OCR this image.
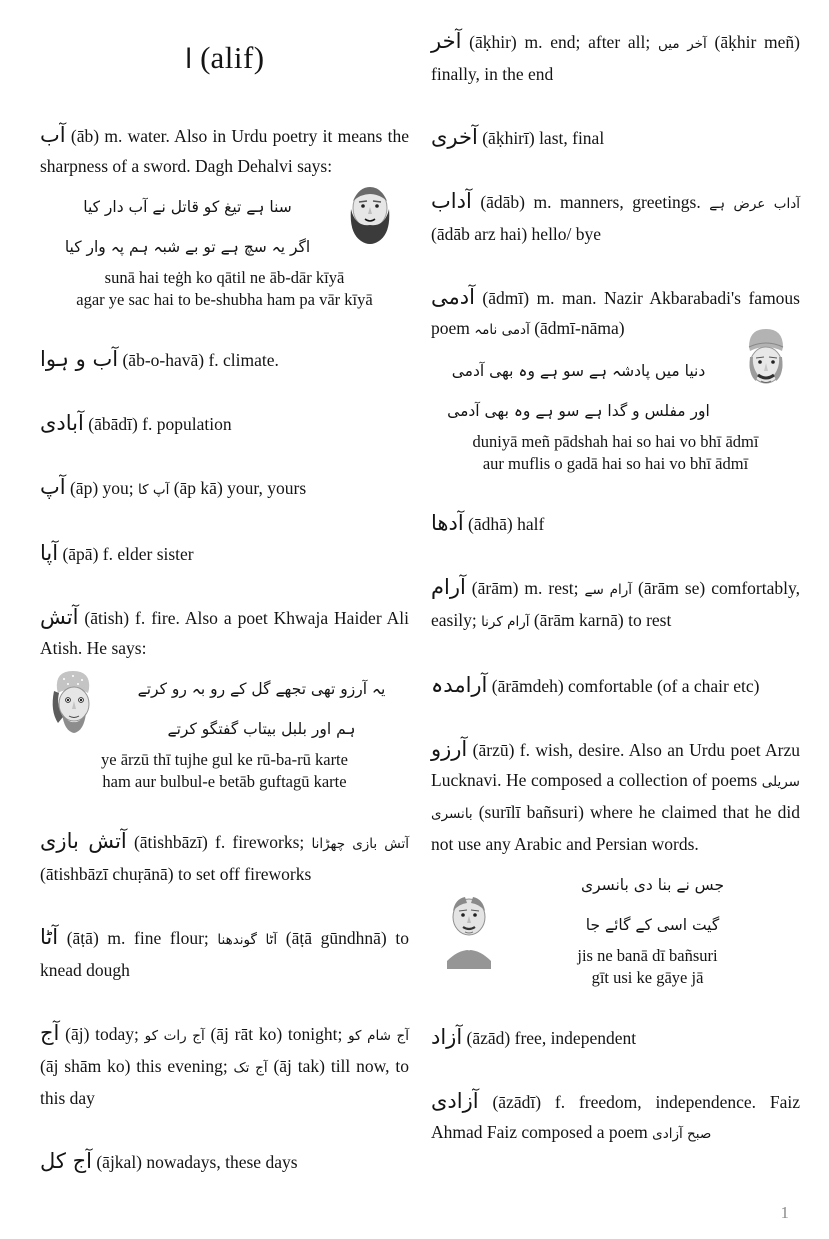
ا (alif)

آب (āb) m. water. Also in Urdu poetry it means the sharpness of a sword. Dagh Dehalvi says:

سنا ہے تیغ کو قاتل نے آب دار کیا
اگر یہ سچ ہے تو بے شبہ ہم پہ وار کیا
sunā hai teġh ko qātil ne āb-dār kīyā
agar ye sac hai to be-shubha ham pa vār kīyā

آب و ہوا (āb-o-havā) f. climate.

آبادی (ābādī) f. population

آپ (āp) you; آپ کا (āp kā) your, yours

آپا (āpā) f. elder sister

آتش (ātish) f. fire. Also a poet Khwaja Haider Ali Atish. He says:

یہ آرزو تھی تجھے گل کے رو بہ رو کرتے
ہم اور بلبل بیتاب گفتگو کرتے
ye ārzū thī tujhe gul ke rū-ba-rū karte
ham aur bulbul-e betāb guftagū karte

آتش بازی (ātishbāzī) f. fireworks; آتش بازی چھڑانا (ātishbāzī chuṛānā) to set off fireworks

آٹا (āṭā) m. fine flour; آٹا گوندھنا (āṭā gūndhnā) to knead dough

آج (āj) today; آج رات کو (āj rāt ko) tonight; آج شام کو (āj shām ko) this evening; آج تک (āj tak) till now, to this day

آج کل (ājkal) nowadays, these days

آخر (āḳhir) m. end; after all; آخر میں (āḳhir meñ) finally, in the end

آخری (āḳhirī) last, final

آداب (ādāb) m. manners, greetings. آداب عرض ہے (ādāb arz hai) hello/ bye

آدمی (ādmī) m. man. Nazir Akbarabadi's famous poem آدمی نامہ (ādmī-nāma)

دنیا میں پادشہ ہے سو ہے وہ بھی آدمی
اور مفلس و گدا ہے سو ہے وہ بھی آدمی
duniyā meñ pādshah hai so hai vo bhī ādmī
aur muflis o gadā hai so hai vo bhī ādmī

آدھا (ādhā) half

آرام (ārām) m. rest; آرام سے (ārām se) comfortably, easily; آرام کرنا (ārām karnā) to rest

آرامدہ (ārāmdeh) comfortable (of a chair etc)

آرزو (ārzū) f. wish, desire. Also an Urdu poet Arzu Lucknavi. He composed a collection of poems سریلی بانسری (surīlī bañsuri) where he claimed that he did not use any Arabic and Persian words.

جس نے بنا دی بانسری
گیت اسی کے گائے جا
jis ne banā dī bañsuri
gīt usi ke gāye jā

آزاد (āzād) free, independent

آزادی (āzādī) f. freedom, independence. Faiz Ahmad Faiz composed a poem صبح آزادی

1
